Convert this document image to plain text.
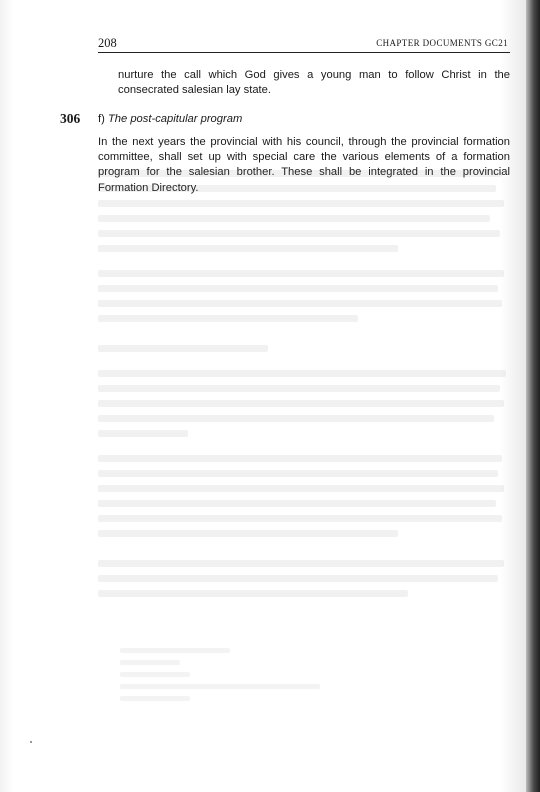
208	CHAPTER DOCUMENTS GC21
nurture the call which God gives a young man to follow Christ in the
consecrated salesian lay state.
306 f) The post-capitular program
In the next years the provincial with his council, through the provincial formation committee, shall set up with special care the various elements of a formation program for the salesian brother. These shall be integrated in the provincial Formation Directory.
